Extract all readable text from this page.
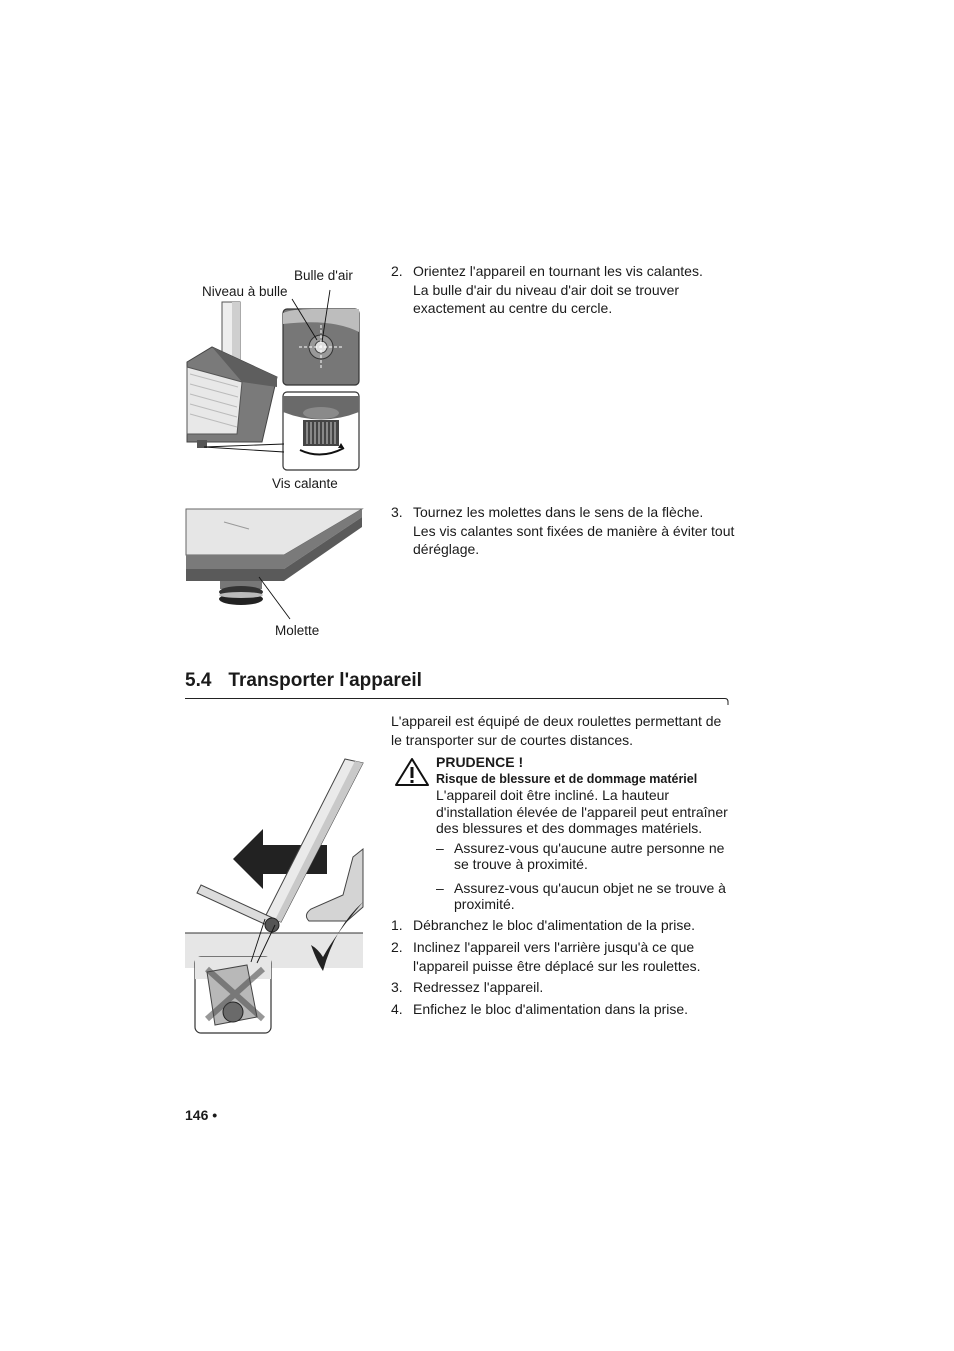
Bulle d'air
Niveau à bulle
Vis calante
2. Orientez l'appareil en tournant les vis calantes.
La bulle d'air du niveau d'air doit se trouver
exactement au centre du cercle.
Molette
3. Tournez les molettes dans le sens de la flèche.
Les vis calantes sont fixées de manière à éviter tout
déréglage.
5.4 Transporter l'appareil
L'appareil est équipé de deux roulettes permettant de
le transporter sur de courtes distances.
PRUDENCE !
Risque de blessure et de dommage matériel
L'appareil doit être incliné. La hauteur
d'installation élevée de l'appareil peut entraîner
des blessures et des dommages matériels.
– Assurez-vous qu'aucune autre personne ne
se trouve à proximité.
– Assurez-vous qu'aucun objet ne se trouve à
proximité.
1. Débranchez le bloc d'alimentation de la prise.
2. Inclinez l'appareil vers l'arrière jusqu'à ce que
l'appareil puisse être déplacé sur les roulettes.
3. Redressez l'appareil.
4. Enfichez le bloc d'alimentation dans la prise.
146 •
